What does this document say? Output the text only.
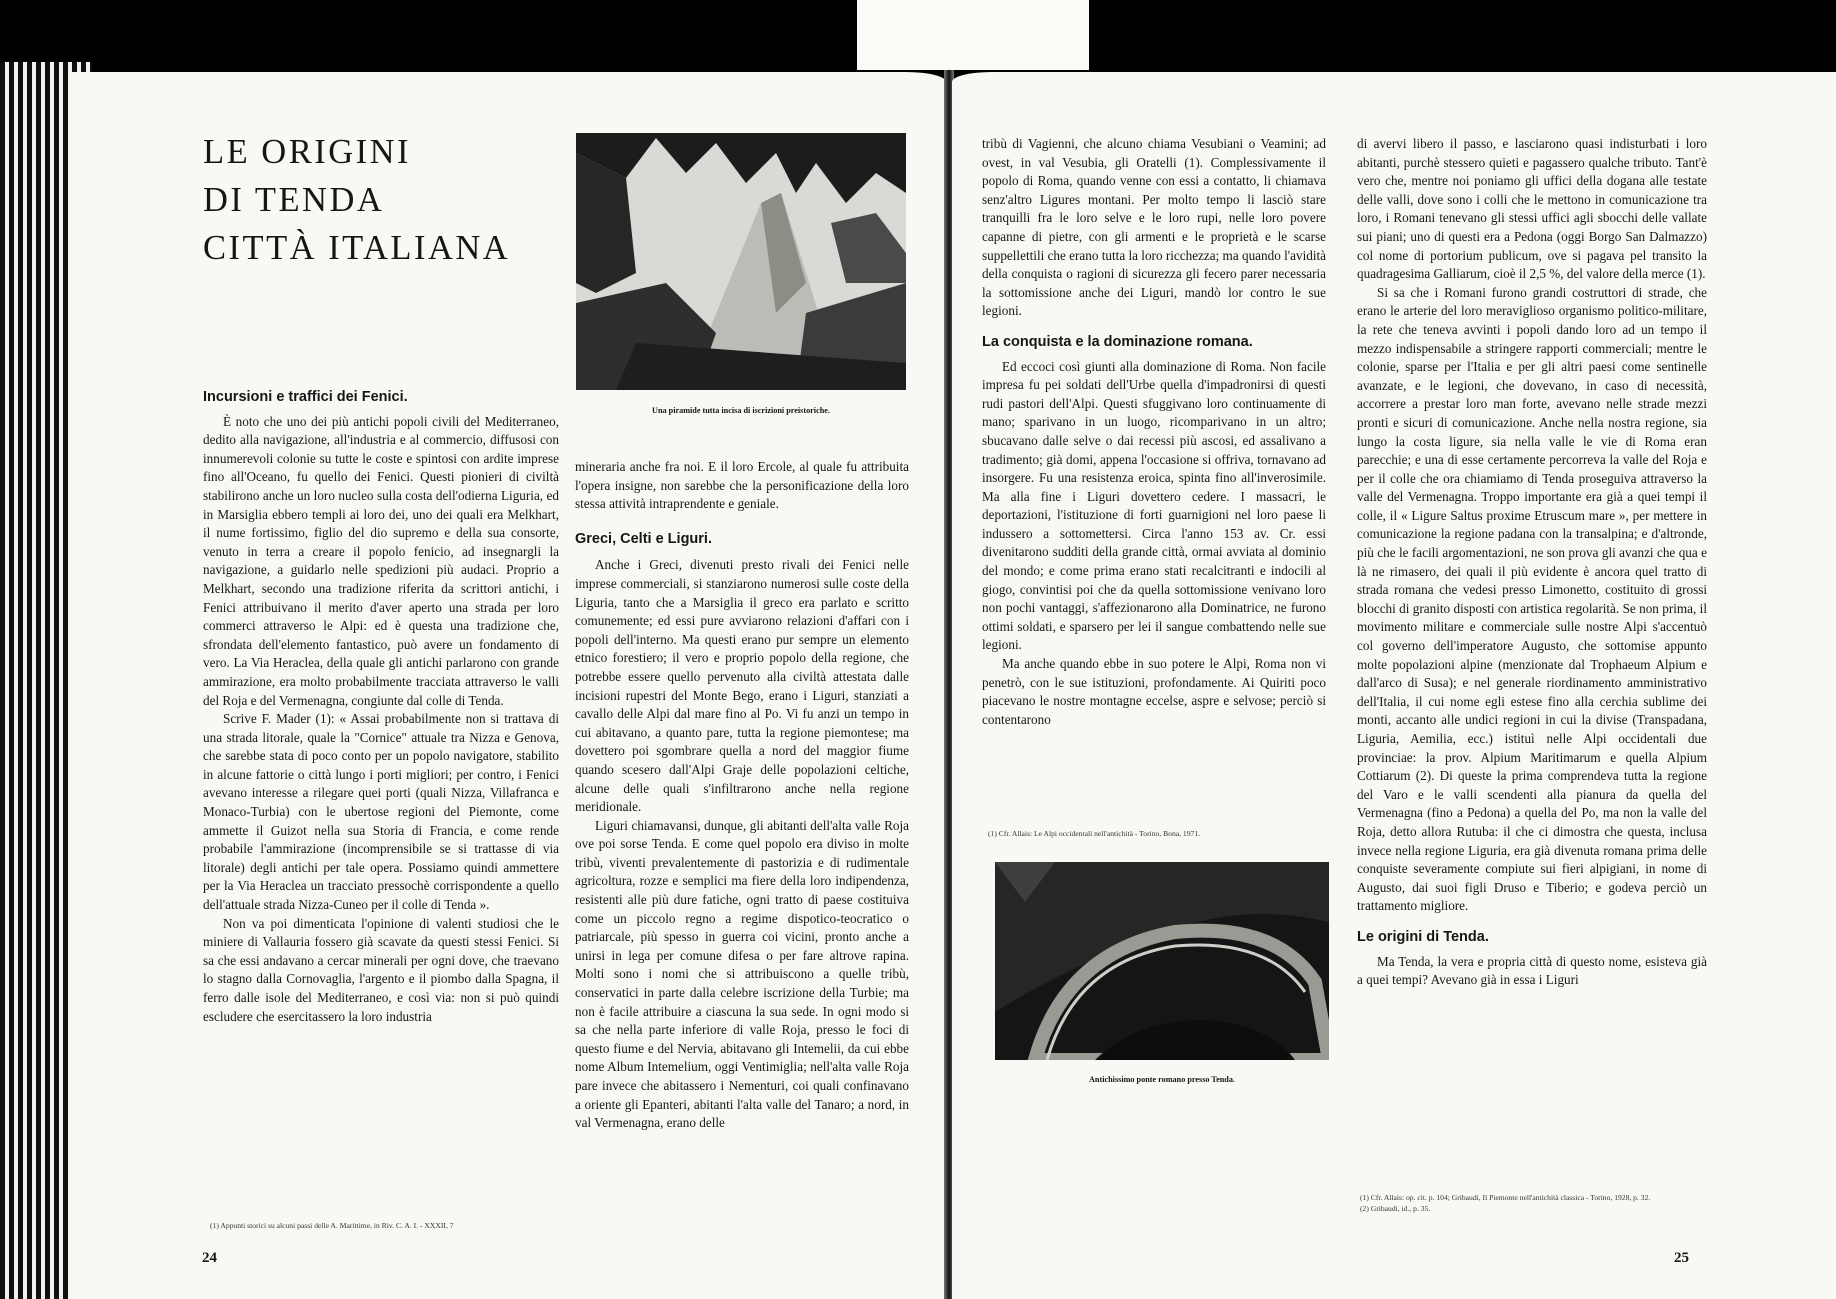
LE ORIGINI
DI TENDA
CITTÀ ITALIANA
Una piramide tutta incisa di iscrizioni preistoriche.
Incursioni e traffici dei Fenici.

È noto che uno dei più antichi popoli civili del Mediterraneo, dedito alla navigazione, all'industria e al commercio, diffusosi con innumerevoli colonie su tutte le coste e spintosi con ardite imprese fino all'Oceano, fu quello dei Fenici. Questi pionieri di civiltà stabilirono anche un loro nucleo sulla costa dell'odierna Liguria, ed in Marsiglia ebbero templi ai loro dei, uno dei quali era Melkhart, il nume fortissimo, figlio del dio supremo e della sua consorte, venuto in terra a creare il popolo fenicio, ad insegnargli la navigazione, a guidarlo nelle spedizioni più audaci. Proprio a Melkhart, secondo una tradizione riferita da scrittori antichi, i Fenici attribuivano il merito d'aver aperto una strada per loro commerci attraverso le Alpi: ed è questa una tradizione che, sfrondata dell'elemento fantastico, può avere un fondamento di vero. La Via Heraclea, della quale gli antichi parlarono con grande ammirazione, era molto probabilmente tracciata attraverso le valli del Roja e del Vermenagna, congiunte dal colle di Tenda.

Scrive F. Mader (1): « Assai probabilmente non si trattava di una strada litorale, quale la "Cornice" attuale tra Nizza e Genova, che sarebbe stata di poco conto per un popolo navigatore, stabilito in alcune fattorie o città lungo i porti migliori; per contro, i Fenici avevano interesse a rilegare quei porti (quali Nizza, Villafranca e Monaco-Turbia) con le ubertose regioni del Piemonte, come ammette il Guizot nella sua Storia di Francia, e come rende probabile l'ammirazione (incomprensibile se si trattasse di via litorale) degli antichi per tale opera. Possiamo quindi ammettere per la Via Heraclea un tracciato pressochè corrispondente a quello dell'attuale strada Nizza-Cuneo per il colle di Tenda ».

Non va poi dimenticata l'opinione di valenti studiosi che le miniere di Vallauria fossero già scavate da questi stessi Fenici. Si sa che essi andavano a cercar minerali per ogni dove, che traevano lo stagno dalla Cornovaglia, l'argento e il piombo dalla Spagna, il ferro dalle isole del Mediterraneo, e così via: non si può quindi escludere che esercitassero la loro industria

mineraria anche fra noi. E il loro Ercole, al quale fu attribuita l'opera insigne, non sarebbe che la personificazione della loro stessa attività intraprendente e geniale.

Greci, Celti e Liguri.

Anche i Greci, divenuti presto rivali dei Fenici nelle imprese commerciali, si stanziarono numerosi sulle coste della Liguria, tanto che a Marsiglia il greco era parlato e scritto comunemente; ed essi pure avviarono relazioni d'affari con i popoli dell'interno. Ma questi erano pur sempre un elemento etnico forestiero; il vero e proprio popolo della regione, che potrebbe essere quello pervenuto alla civiltà attestata dalle incisioni rupestri del Monte Bego, erano i Liguri, stanziati a cavallo delle Alpi dal mare fino al Po. Vi fu anzi un tempo in cui abitavano, a quanto pare, tutta la regione piemontese; ma dovettero poi sgombrare quella a nord del maggior fiume quando scesero dall'Alpi Graje delle popolazioni celtiche, alcune delle quali s'infiltrarono anche nella regione meridionale.

Liguri chiamavansi, dunque, gli abitanti dell'alta valle Roja ove poi sorse Tenda. E come quel popolo era diviso in molte tribù, viventi prevalentemente di pastorizia e di rudimentale agricoltura, rozze e semplici ma fiere della loro indipendenza, resistenti alle più dure fatiche, ogni tratto di paese costituiva come un piccolo regno a regime dispotico-teocratico o patriarcale, più spesso in guerra coi vicini, pronto anche a unirsi in lega per comune difesa o per fare altrove rapina. Molti sono i nomi che si attribuiscono a quelle tribù, conservatici in parte dalla celebre iscrizione della Turbie; ma non è facile attribuire a ciascuna la sua sede. In ogni modo si sa che nella parte inferiore di valle Roja, presso le foci di questo fiume e del Nervia, abitavano gli Intemelii, da cui ebbe nome Album Intemelium, oggi Ventimiglia; nell'alta valle Roja pare invece che abitassero i Nementuri, coi quali confinavano a oriente gli Epanteri, abitanti l'alta valle del Tanaro; a nord, in val Vermenagna, erano delle

(1) Appunti storici su alcuni passi delle A. Marittime, in Riv. C. A. I. - XXXII, 7
24

tribù di Vagienni, che alcuno chiama Vesubiani o Veamini; ad ovest, in val Vesubia, gli Oratelli (1). Complessivamente il popolo di Roma, quando venne con essi a contatto, li chiamava senz'altro Ligures montani. Per molto tempo li lasciò stare tranquilli fra le loro selve e le loro rupi, nelle loro povere capanne di pietre, con gli armenti e le proprietà e le scarse suppellettili che erano tutta la loro ricchezza; ma quando l'avidità della conquista o ragioni di sicurezza gli fecero parer necessaria la sottomissione anche dei Liguri, mandò lor contro le sue legioni.

La conquista e la dominazione romana.

Ed eccoci così giunti alla dominazione di Roma. Non facile impresa fu pei soldati dell'Urbe quella d'impadronirsi di questi rudi pastori dell'Alpi. Questi sfuggivano loro continuamente di mano; sparivano in un luogo, ricomparivano in un altro; sbucavano dalle selve o dai recessi più ascosi, ed assalivano a tradimento; già domi, appena l'occasione si offriva, tornavano ad insorgere. Fu una resistenza eroica, spinta fino all'inverosimile. Ma alla fine i Liguri dovettero cedere. I massacri, le deportazioni, l'istituzione di forti guarnigioni nel loro paese li indussero a sottomettersi. Circa l'anno 153 av. Cr. essi divenitarono sudditi della grande città, ormai avviata al dominio del mondo; e come prima erano stati recalcitranti e indocili al giogo, convintisi poi che da quella sottomissione venivano loro non pochi vantaggi, s'affezionarono alla Dominatrice, ne furono ottimi soldati, e sparsero per lei il sangue combattendo nelle sue legioni.

Ma anche quando ebbe in suo potere le Alpi, Roma non vi penetrò, con le sue istituzioni, profondamente. Ai Quiriti poco piacevano le nostre montagne eccelse, aspre e selvose; perciò si contentarono

(1) Cfr. Allais: Le Alpi occidentali nell'antichità - Torino, Bona, 1971.
Antichissimo ponte romano presso Tenda.

di avervi libero il passo, e lasciarono quasi indisturbati i loro abitanti, purchè stessero quieti e pagassero qualche tributo. Tant'è vero che, mentre noi poniamo gli uffici della dogana alle testate delle valli, dove sono i colli che le mettono in comunicazione tra loro, i Romani tenevano gli stessi uffici agli sbocchi delle vallate sui piani; uno di questi era a Pedona (oggi Borgo San Dalmazzo) col nome di portorium publicum, ove si pagava pel transito la quadragesima Galliarum, cioè il 2,5 %, del valore della merce (1).

Si sa che i Romani furono grandi costruttori di strade, che erano le arterie del loro meraviglioso organismo politico-militare, la rete che teneva avvinti i popoli dando loro ad un tempo il mezzo indispensabile a stringere rapporti commerciali; mentre le colonie, sparse per l'Italia e per gli altri paesi come sentinelle avanzate, e le legioni, che dovevano, in caso di necessità, accorrere a prestar loro man forte, avevano nelle strade mezzi pronti e sicuri di comunicazione. Anche nella nostra regione, sia lungo la costa ligure, sia nella valle le vie di Roma eran parecchie; e una di esse certamente percorreva la valle del Roja e per il colle che ora chiamiamo di Tenda proseguiva attraverso la valle del Vermenagna. Troppo importante era già a quei tempi il colle, il « Ligure Saltus proxime Etruscum mare », per mettere in comunicazione la regione padana con la transalpina; e d'altronde, più che le facili argomentazioni, ne son prova gli avanzi che qua e là ne rimasero, dei quali il più evidente è ancora quel tratto di strada romana che vedesi presso Limonetto, costituito di grossi blocchi di granito disposti con artistica regolarità. Se non prima, il movimento militare e commerciale sulle nostre Alpi s'accentuò col governo dell'imperatore Augusto, che sottomise appunto molte popolazioni alpine (menzionate dal Trophaeum Alpium e dall'arco di Susa); e nel generale riordinamento amministrativo dell'Italia, il cui nome egli estese fino alla cerchia sublime dei monti, accanto alle undici regioni in cui la divise (Transpadana, Liguria, Aemilia, ecc.) istituì nelle Alpi occidentali due provinciae: la prov. Alpium Maritimarum e quella Alpium Cottiarum (2). Di queste la prima comprendeva tutta la regione del Varo e le valli scendenti alla pianura da quella del Vermenagna (fino a Pedona) a quella del Po, ma non la valle del Roja, detto allora Rutuba: il che ci dimostra che questa, inclusa invece nella regione Liguria, era già divenuta romana prima delle conquiste severamente compiute sui fieri alpigiani, in nome di Augusto, dai suoi figli Druso e Tiberio; e godeva perciò un trattamento migliore.

Le origini di Tenda.

Ma Tenda, la vera e propria città di questo nome, esisteva già a quei tempi? Avevano già in essa i Liguri

(1) Cfr. Allais: op. cit. p. 104; Gribaudi, Il Piemonte nell'antichità classica - Torino, 1928, p. 32.

(2) Gribaudi, id., p. 35.

25
